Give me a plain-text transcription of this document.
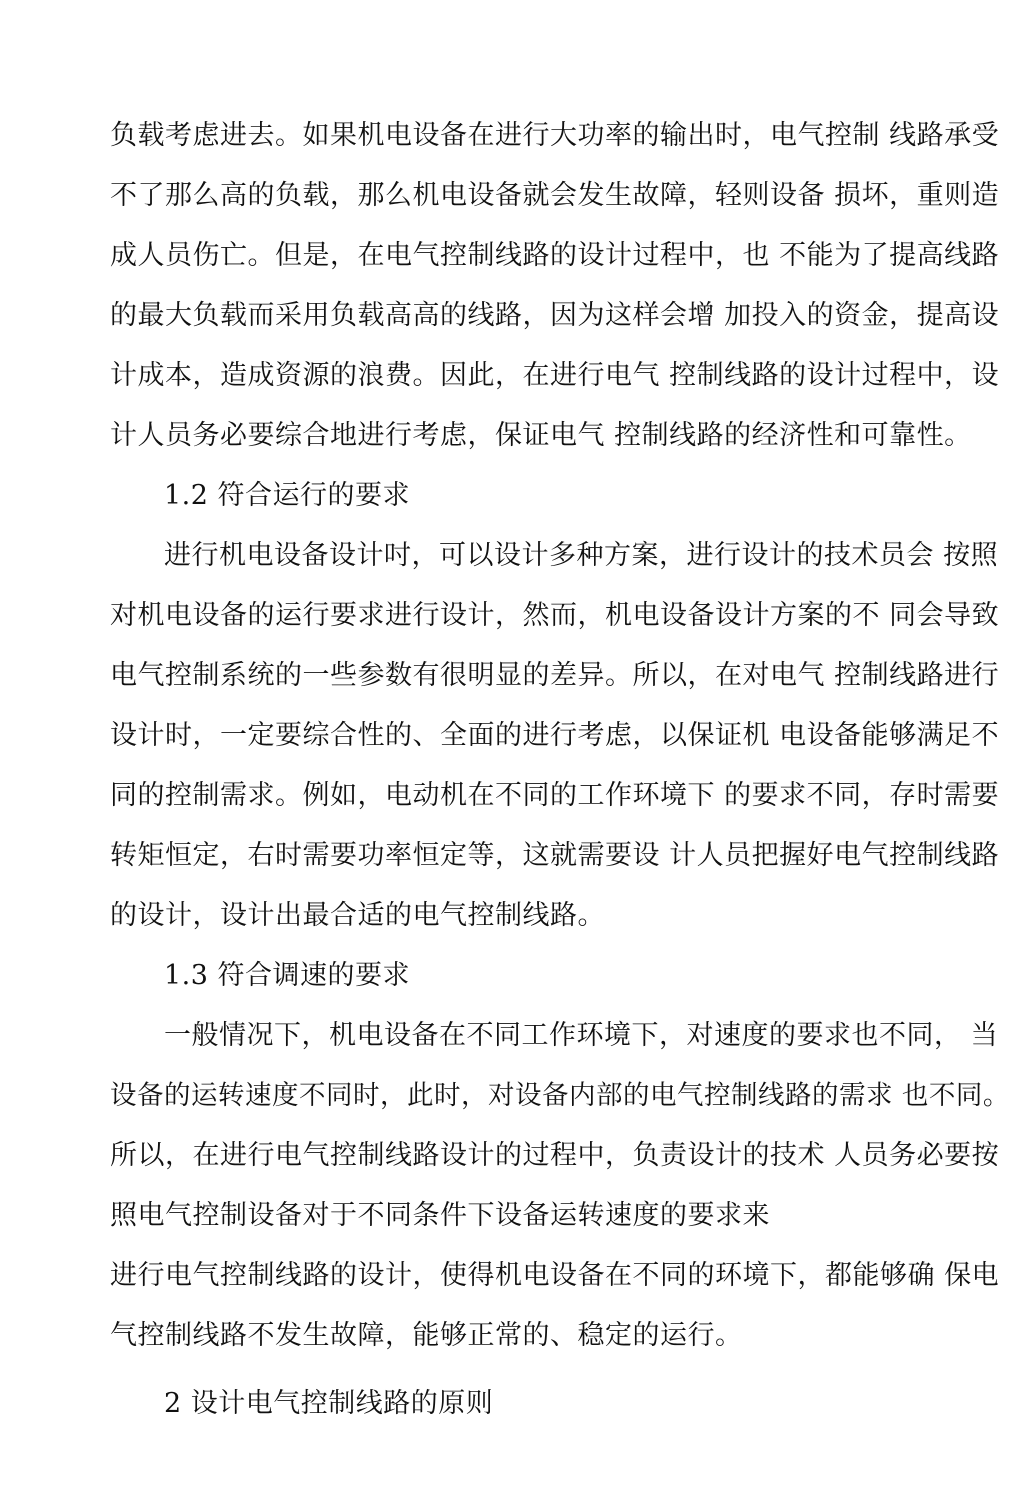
负载考虑进去。如果机电设备在进行大功率的输出时，电气控制 线路承受
不了那么高的负载，那么机电设备就会发生故障，轻则设备 损坏，重则造
成人员伤亡。但是，在电气控制线路的设计过程中，也 不能为了提高线路
的最大负载而采用负载高高的线路，因为这样会增 加投入的资金，提高设
计成本，造成资源的浪费。因此，在进行电气 控制线路的设计过程中，设
计人员务必要综合地进行考虑，保证电气 控制线路的经济性和可靠性。
1.2 符合运行的要求
进行机电设备设计吋，可以设计多种方案，进行设计的技术员会 按照
对机电设备的运行要求进行设计，然而，机电设备设计方案的不 同会导致
电气控制系统的一些参数有很明显的差异。所以，在对电气 控制线路进行
设计时，一定要综合性的、全面的进行考虑，以保证机 电设备能够满足不
同的控制需求。例如，电动机在不同的工作环境下 的要求不同，存时需要
转矩恒定，右时需要功率恒定等，这就需要设 计人员把握好电气控制线路
的设计，设计出最合适的电气控制线路。
1.3 符合调速的要求
一般情况下，机电设备在不同工作环境下，对速度的要求也不同， 当
设备的运转速度不同时，此时，对设备内部的电气控制线路的需求 也不同。
所以，在进行电气控制线路设计的过程中，负责设计的技术 人员务必要按
照电气控制设备对于不同条件下设备运转速度的要求来
进行电气控制线路的设计，使得机电设备在不同的环境下，都能够确 保电
气控制线路不发生故障，能够正常的、稳定的运行。
2 设计电气控制线路的原则
